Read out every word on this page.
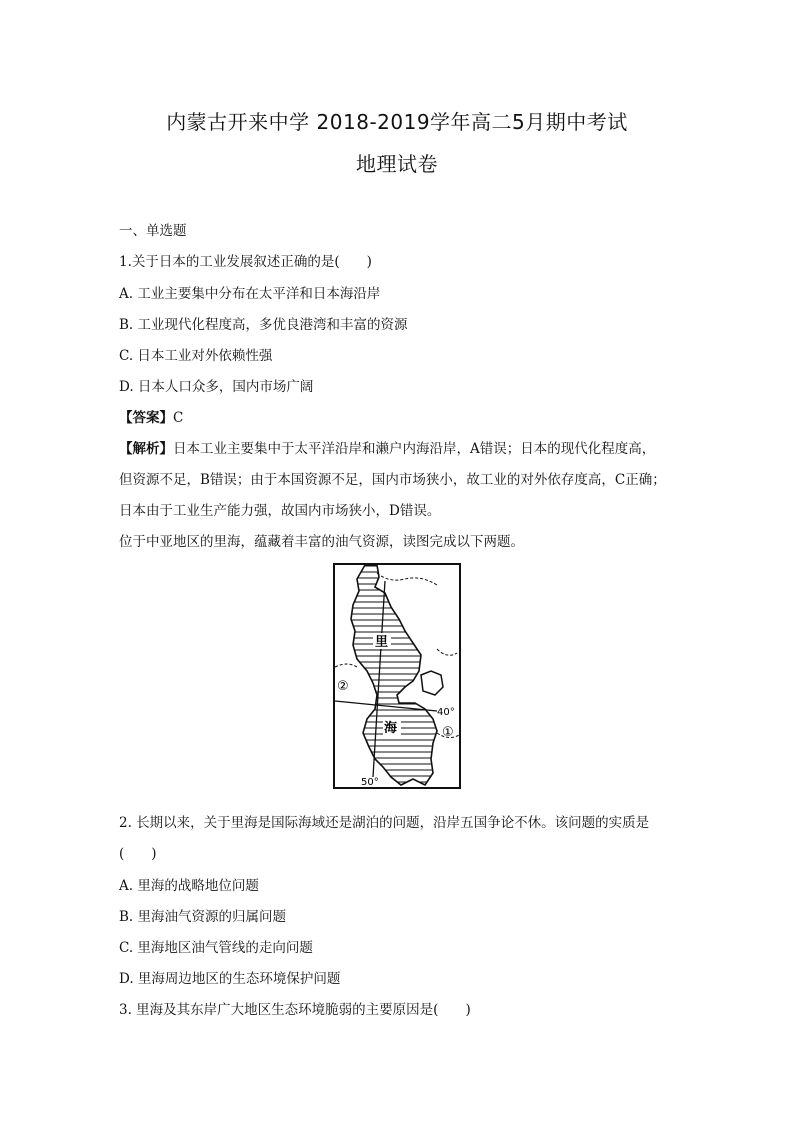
内蒙古开来中学 2018-2019学年高二5月期中考试
地理试卷
一、单选题
1.关于日本的工业发展叙述正确的是(　　)
A. 工业主要集中分布在太平洋和日本海沿岸
B. 工业现代化程度高，多优良港湾和丰富的资源
C. 日本工业对外依赖性强
D. 日本人口众多，国内市场广阔
【答案】C
【解析】日本工业主要集中于太平洋沿岸和濑户内海沿岸，A错误；日本的现代化程度高，
但资源不足，B错误；由于本国资源不足，国内市场狭小，故工业的对外依存度高，C正确；
日本由于工业生产能力强，故国内市场狭小，D错误。
位于中亚地区的里海，蕴藏着丰富的油气资源，读图完成以下两题。
里
海
40°
50°
①
②
2. 长期以来，关于里海是国际海域还是湖泊的问题，沿岸五国争论不休。该问题的实质是
(　　)
A. 里海的战略地位问题
B. 里海油气资源的归属问题
C. 里海地区油气管线的走向问题
D. 里海周边地区的生态环境保护问题
3. 里海及其东岸广大地区生态环境脆弱的主要原因是(　　)
